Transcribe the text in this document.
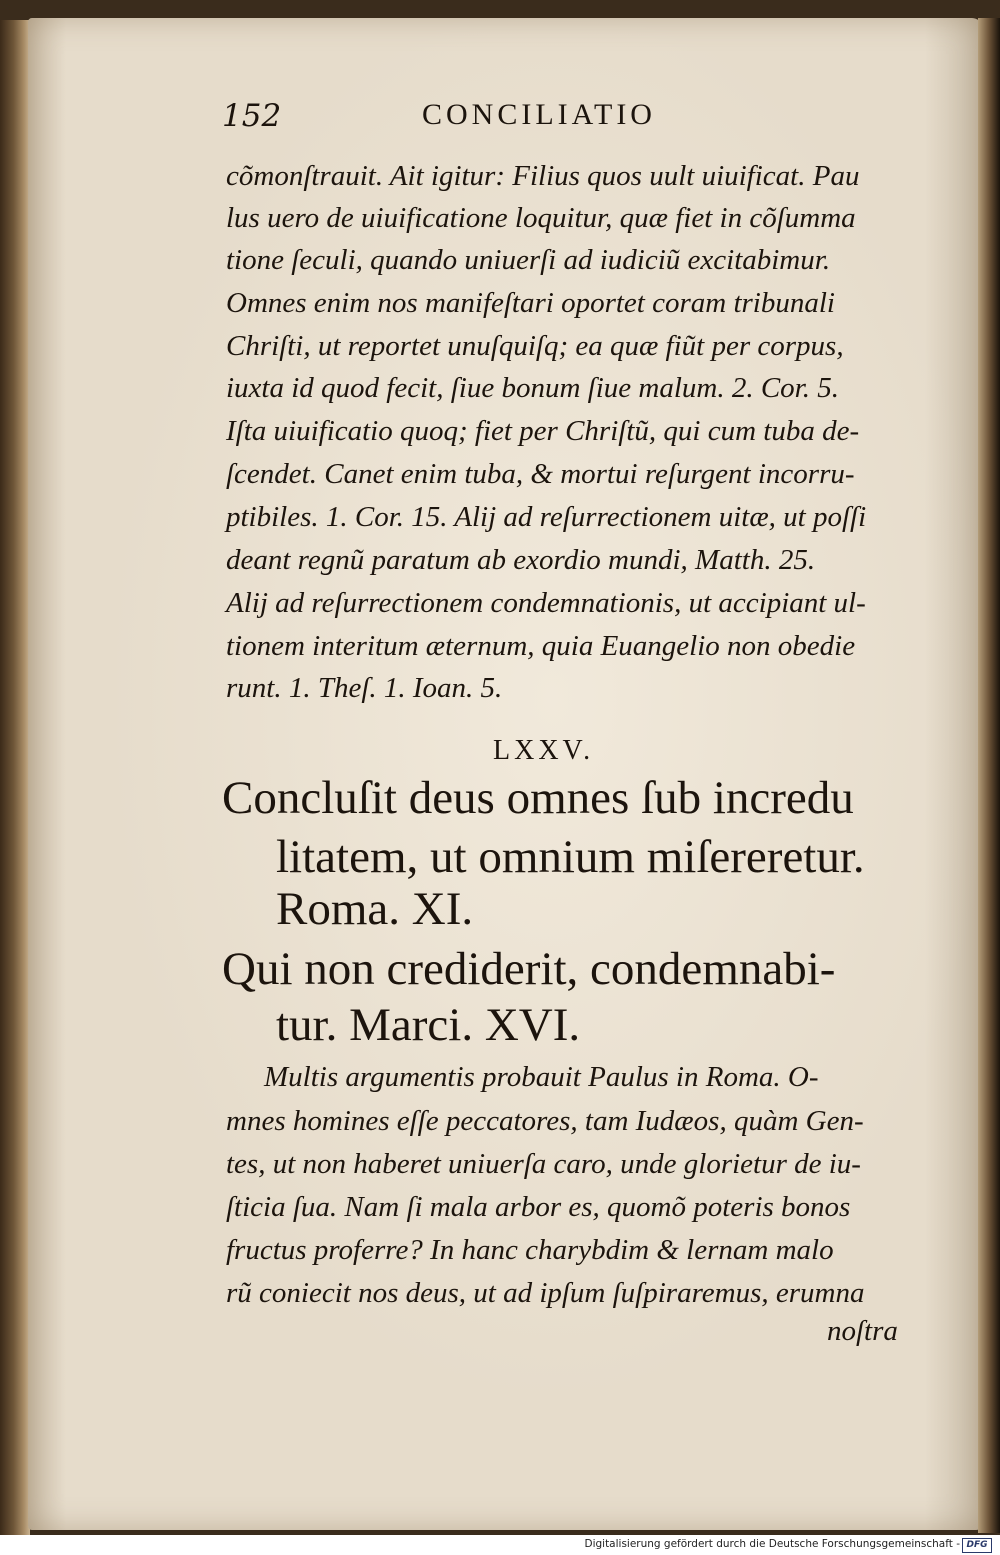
152	CONCILIATIO
cõmonſtrauit. Ait igitur: Filius quos uult uiuificat. Pau
lus uero de uiuificatione loquitur, quæ fiet in cõſumma
tione ſeculi, quando uniuerſi ad iudiciũ excitabimur.
Omnes enim nos manifeſtari oportet coram tribunali
Chriſti, ut reportet unuſquiſq; ea quæ fiũt per corpus,
iuxta id quod fecit, ſiue bonum ſiue malum. 2. Cor. 5.
Iſta uiuificatio quoq; fiet per Chriſtũ, qui cum tuba de-
ſcendet. Canet enim tuba, & mortui reſurgent incorru-
ptibiles. 1. Cor. 15. Alij ad reſurrectionem uitæ, ut poſſi
deant regnũ paratum ab exordio mundi, Matth. 25.
Alij ad reſurrectionem condemnationis, ut accipiant ul-
tionem interitum æternum, quia Euangelio non obedie
runt. 1. Theſ. 1. Ioan. 5.
LXXV.
Concluſit deus omnes ſub incredu
litatem, ut omnium miſereretur.
Roma. XI.
Qui non crediderit, condemnabi-
tur. Marci. XVI.
Multis argumentis probauit Paulus in Roma. O-
mnes homines eſſe peccatores, tam Iudæos, quàm Gen-
tes, ut non haberet uniuerſa caro, unde glorietur de iu-
ſticia ſua. Nam ſi mala arbor es, quomõ poteris bonos
fructus proferre? In hanc charybdim & lernam malo
rũ coniecit nos deus, ut ad ipſum ſuſpiraremus, erumna
noſtra
Digitalisierung gefördert durch die Deutsche Forschungsgemeinschaft - DFG
